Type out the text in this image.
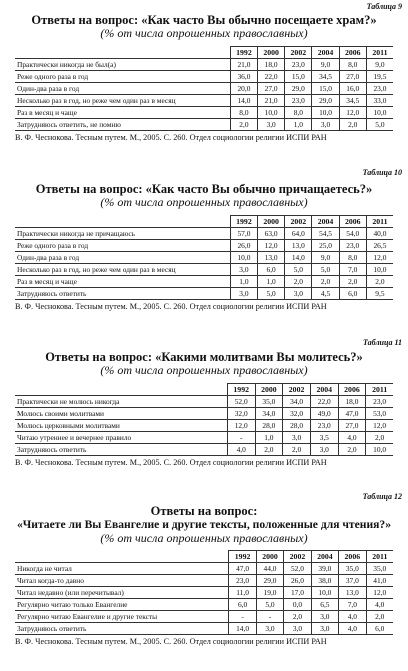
Таблица 9

Ответы на вопрос: «Как часто Вы обычно посещаете храм?»

(% от числа опрошенных православных)

	1992	2000	2002	2004	2006	2011
Практически никогда не был(а)	21,0	18,0	23,0	9,0	8,0	9,0
Реже одного раза в год	36,0	22,0	15,0	34,5	27,0	19,5
Один-два раза в год	20,0	27,0	29,0	15,0	16,0	23,0
Несколько раз в год, но реже чем один раз в месяц	14,0	21,0	23,0	29,0	34,5	33,0
Раз в месяц и чаще	8,0	10,0	8,0	10,0	12,0	10,0
Затрудняюсь ответить, не помню	2,0	3,0	1,0	3,0	2,0	5,0

В. Ф. Чеснокова. Тесным путем. М., 2005. С. 260. Отдел социологии религии ИСПИ РАН

Таблица 10

Ответы на вопрос: «Как часто Вы обычно причащаетесь?»

(% от числа опрошенных православных)

	1992	2000	2002	2004	2006	2011
Практически никогда не причащаюсь	57,0	63,0	64,0	54,5	54,0	40,0
Реже одного раза в год	26,0	12,0	13,0	25,0	23,0	26,5
Один-два раза в год	10,0	13,0	14,0	9,0	8,0	12,0
Несколько раз в год, но реже чем один раз в месяц	3,0	6,0	5,0	5,0	7,0	10,0
Раз в месяц и чаще	1,0	1,0	2,0	2,0	2,0	2,0
Затрудняюсь ответить	3,0	5,0	3,0	4,5	6,0	9,5

В. Ф. Чеснокова. Тесным путем. М., 2005. С. 260. Отдел социологии религии ИСПИ РАН

Таблица 11

Ответы на вопрос: «Какими молитвами Вы молитесь?»

(% от числа опрошенных православных)

	1992	2000	2002	2004	2006	2011
Практически не молюсь никогда	52,0	35,0	34,0	22,0	18,0	23,0
Молюсь своими молитвами	32,0	34,0	32,0	49,0	47,0	53,0
Молюсь церковными молитвами	12,0	28,0	28,0	23,0	27,0	12,0
Читаю утреннее и вечернее правило	-	1,0	3,0	3,5	4,0	2,0
Затрудняюсь ответить	4,0	2,0	2,0	3,0	2,0	10,0

В. Ф. Чеснокова. Тесным путем. М., 2005. С. 260. Отдел социологии религии ИСПИ РАН

Таблица 12

Ответы на вопрос:

«Читаете ли Вы Евангелие и другие тексты, положенные для чтения?»

(% от числа опрошенных православных)

	1992	2000	2002	2004	2006	2011
Никогда не читал	47,0	44,0	52,0	39,0	35,0	35,0
Читал когда-то давно	23,0	29,0	26,0	38,0	37,0	41,0
Читал недавно (или перечитывал)	11,0	19,0	17,0	10,0	13,0	12,0
Регулярно читаю только Евангелие	6,0	5,0	0,0	6,5	7,0	4,0
Регулярно читаю Евангелие и другие тексты	-	-	2,0	3,0	4,0	2,0
Затрудняюсь ответить	14,0	3,0	3,0	3,0	4,0	6,0

В. Ф. Чеснокова. Тесным путем. М., 2005. С. 260. Отдел социологии религии ИСПИ РАН
